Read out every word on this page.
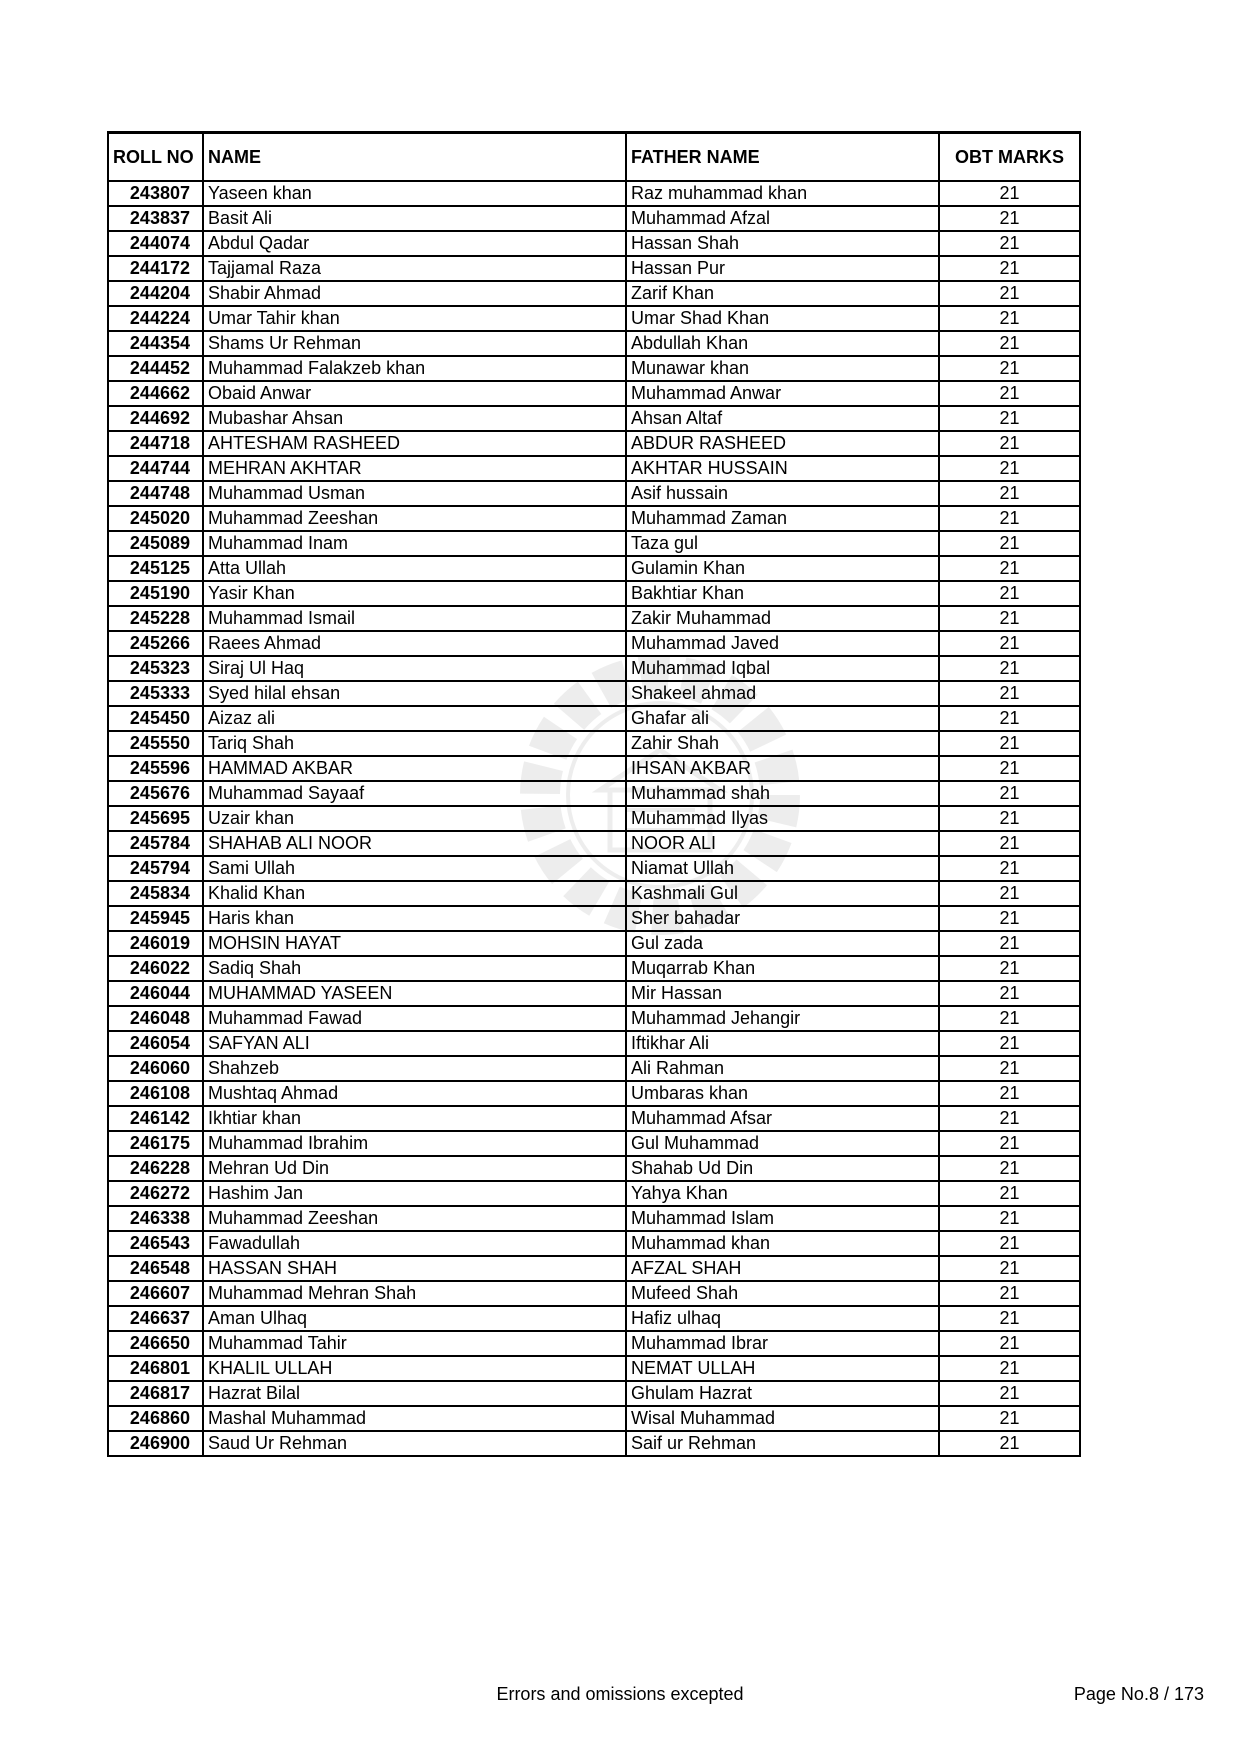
ROLL NO	NAME	FATHER NAME	OBT MARKS
243807	Yaseen khan	Raz muhammad khan	21
243837	Basit Ali	Muhammad Afzal	21
244074	Abdul Qadar	Hassan Shah	21
244172	Tajjamal Raza	Hassan Pur	21
244204	Shabir Ahmad	Zarif Khan	21
244224	Umar Tahir khan	Umar Shad Khan	21
244354	Shams Ur Rehman	Abdullah Khan	21
244452	Muhammad Falakzeb khan	Munawar khan	21
244662	Obaid Anwar	Muhammad Anwar	21
244692	Mubashar Ahsan	Ahsan Altaf	21
244718	AHTESHAM RASHEED	ABDUR RASHEED	21
244744	MEHRAN AKHTAR	AKHTAR HUSSAIN	21
244748	Muhammad Usman	Asif hussain	21
245020	Muhammad Zeeshan	Muhammad Zaman	21
245089	Muhammad Inam	Taza gul	21
245125	Atta Ullah	Gulamin Khan	21
245190	Yasir Khan	Bakhtiar Khan	21
245228	Muhammad Ismail	Zakir Muhammad	21
245266	Raees Ahmad	Muhammad Javed	21
245323	Siraj Ul Haq	Muhammad Iqbal	21
245333	Syed hilal ehsan	Shakeel ahmad	21
245450	Aizaz ali	Ghafar ali	21
245550	Tariq Shah	Zahir Shah	21
245596	HAMMAD AKBAR	IHSAN AKBAR	21
245676	Muhammad Sayaaf	Muhammad shah	21
245695	Uzair khan	Muhammad Ilyas	21
245784	SHAHAB ALI NOOR	NOOR ALI	21
245794	Sami Ullah	Niamat Ullah	21
245834	Khalid Khan	Kashmali Gul	21
245945	Haris khan	Sher bahadar	21
246019	MOHSIN HAYAT	Gul zada	21
246022	Sadiq Shah	Muqarrab Khan	21
246044	MUHAMMAD YASEEN	Mir Hassan	21
246048	Muhammad Fawad	Muhammad Jehangir	21
246054	SAFYAN ALI	Iftikhar Ali	21
246060	Shahzeb	Ali Rahman	21
246108	Mushtaq Ahmad	Umbaras khan	21
246142	Ikhtiar khan	Muhammad Afsar	21
246175	Muhammad Ibrahim	Gul Muhammad	21
246228	Mehran Ud Din	Shahab Ud Din	21
246272	Hashim Jan	Yahya Khan	21
246338	Muhammad Zeeshan	Muhammad Islam	21
246543	Fawadullah	Muhammad khan	21
246548	HASSAN SHAH	AFZAL SHAH	21
246607	Muhammad Mehran Shah	Mufeed Shah	21
246637	Aman Ulhaq	Hafiz ulhaq	21
246650	Muhammad Tahir	Muhammad Ibrar	21
246801	KHALIL ULLAH	NEMAT ULLAH	21
246817	Hazrat Bilal	Ghulam Hazrat	21
246860	Mashal Muhammad	Wisal Muhammad	21
246900	Saud Ur Rehman	Saif ur Rehman	21
Errors and omissions excepted	Page No.8 / 173
